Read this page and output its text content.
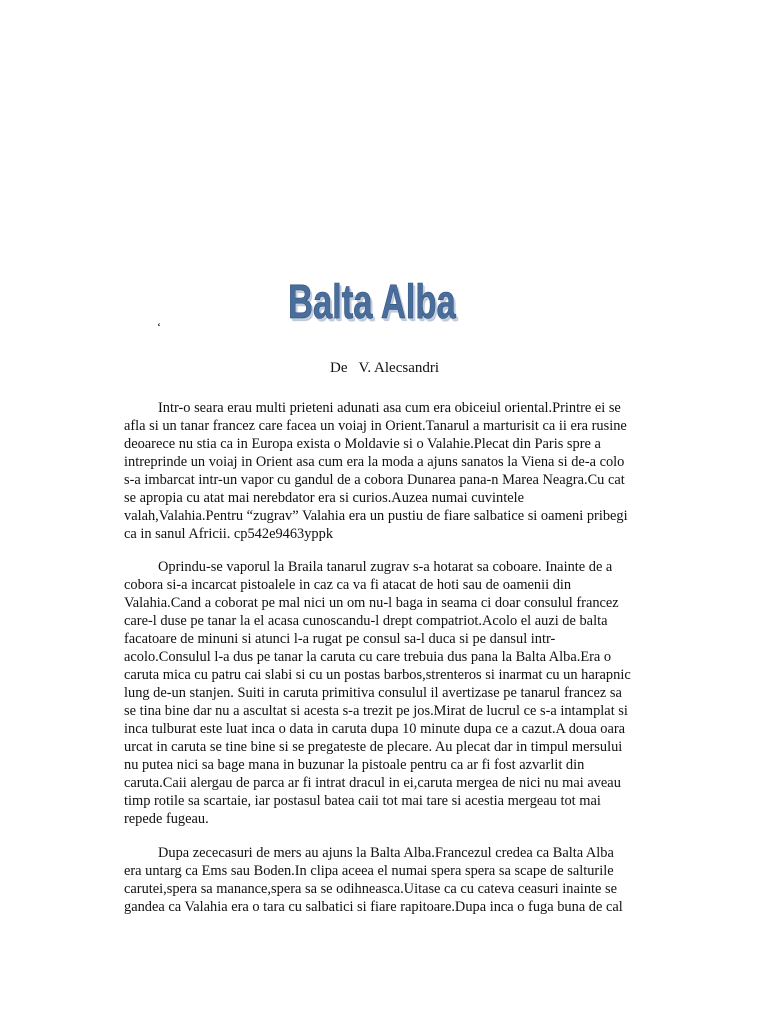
Balta Alba
‘
De   V. Alecsandri
Intr-o seara erau multi prieteni adunati asa cum era obiceiul oriental.Printre ei se
afla si un tanar francez care facea un voiaj in Orient.Tanarul a marturisit ca ii era rusine
deoarece nu stia ca in Europa exista o Moldavie si o Valahie.Plecat din Paris spre a
intreprinde un voiaj in Orient asa cum era la moda a ajuns sanatos la Viena si de-a colo
s-a imbarcat intr-un vapor cu gandul de a cobora Dunarea pana-n Marea Neagra.Cu cat
se apropia cu atat mai nerebdator era si curios.Auzea numai cuvintele
valah,Valahia.Pentru “zugrav” Valahia era un pustiu de fiare salbatice si oameni pribegi
ca in sanul Africii. cp542e9463yppk
Oprindu-se vaporul la Braila tanarul zugrav s-a hotarat sa coboare. Inainte de a
cobora si-a incarcat pistoalele in caz ca va fi atacat de hoti sau de oamenii din
Valahia.Cand a coborat pe mal nici un om nu-l baga in seama ci doar consulul francez
care-l duse pe tanar la el acasa cunoscandu-l drept compatriot.Acolo el auzi de balta
facatoare de minuni si atunci l-a rugat pe consul sa-l duca si pe dansul intr-
acolo.Consulul l-a dus pe tanar la caruta cu care trebuia dus pana la Balta Alba.Era o
caruta mica cu patru cai slabi si cu un postas barbos,strenteros si inarmat cu un harapnic
lung de-un stanjen. Suiti in caruta primitiva consulul il avertizase pe tanarul francez sa
se tina bine dar nu a ascultat si acesta s-a trezit pe jos.Mirat de lucrul ce s-a intamplat si
inca tulburat este luat inca o data in caruta dupa 10 minute dupa ce a cazut.A doua oara
urcat in caruta se tine bine si se pregateste de plecare. Au plecat dar in timpul mersului
nu putea nici sa bage mana in buzunar la pistoale pentru ca ar fi fost azvarlit din
caruta.Caii alergau de parca ar fi intrat dracul in ei,caruta mergea de nici nu mai aveau
timp rotile sa scartaie, iar postasul batea caii tot mai tare si acestia mergeau tot mai
repede fugeau.
Dupa zececasuri de mers au ajuns la Balta Alba.Francezul credea ca Balta Alba
era untarg ca Ems sau Boden.In clipa aceea el numai spera spera sa scape de salturile
carutei,spera sa manance,spera sa se odihneasca.Uitase ca cu cateva ceasuri inainte se
gandea ca Valahia era o tara cu salbatici si fiare rapitoare.Dupa inca o fuga buna de cal
